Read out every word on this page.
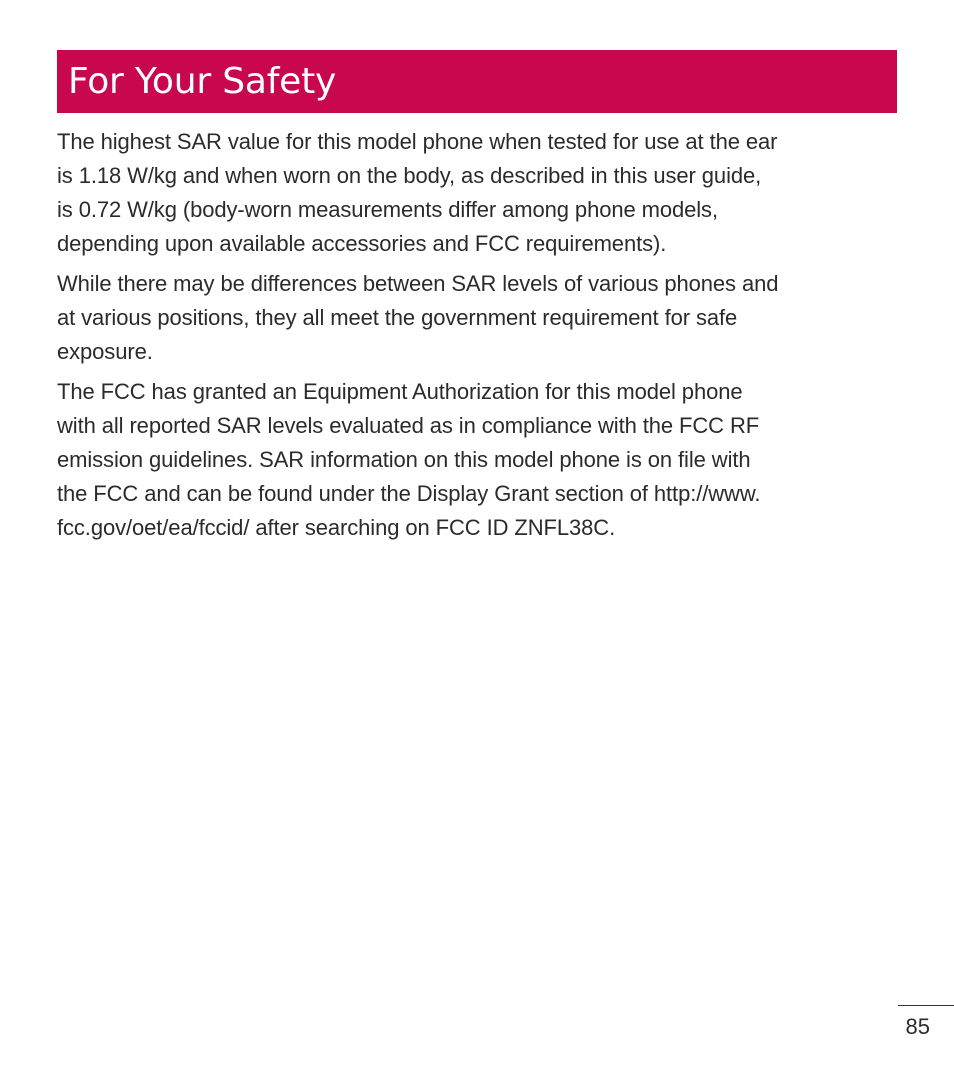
For Your Safety

The highest SAR value for this model phone when tested for use at the ear
is 1.18 W/kg and when worn on the body, as described in this user guide,
is 0.72 W/kg (body-worn measurements differ among phone models,
depending upon available accessories and FCC requirements).

While there may be differences between SAR levels of various phones and
at various positions, they all meet the government requirement for safe
exposure.

The FCC has granted an Equipment Authorization for this model phone
with all reported SAR levels evaluated as in compliance with the FCC RF
emission guidelines. SAR information on this model phone is on file with
the FCC and can be found under the Display Grant section of http://www.
fcc.gov/oet/ea/fccid/ after searching on FCC ID ZNFL38C.

85
